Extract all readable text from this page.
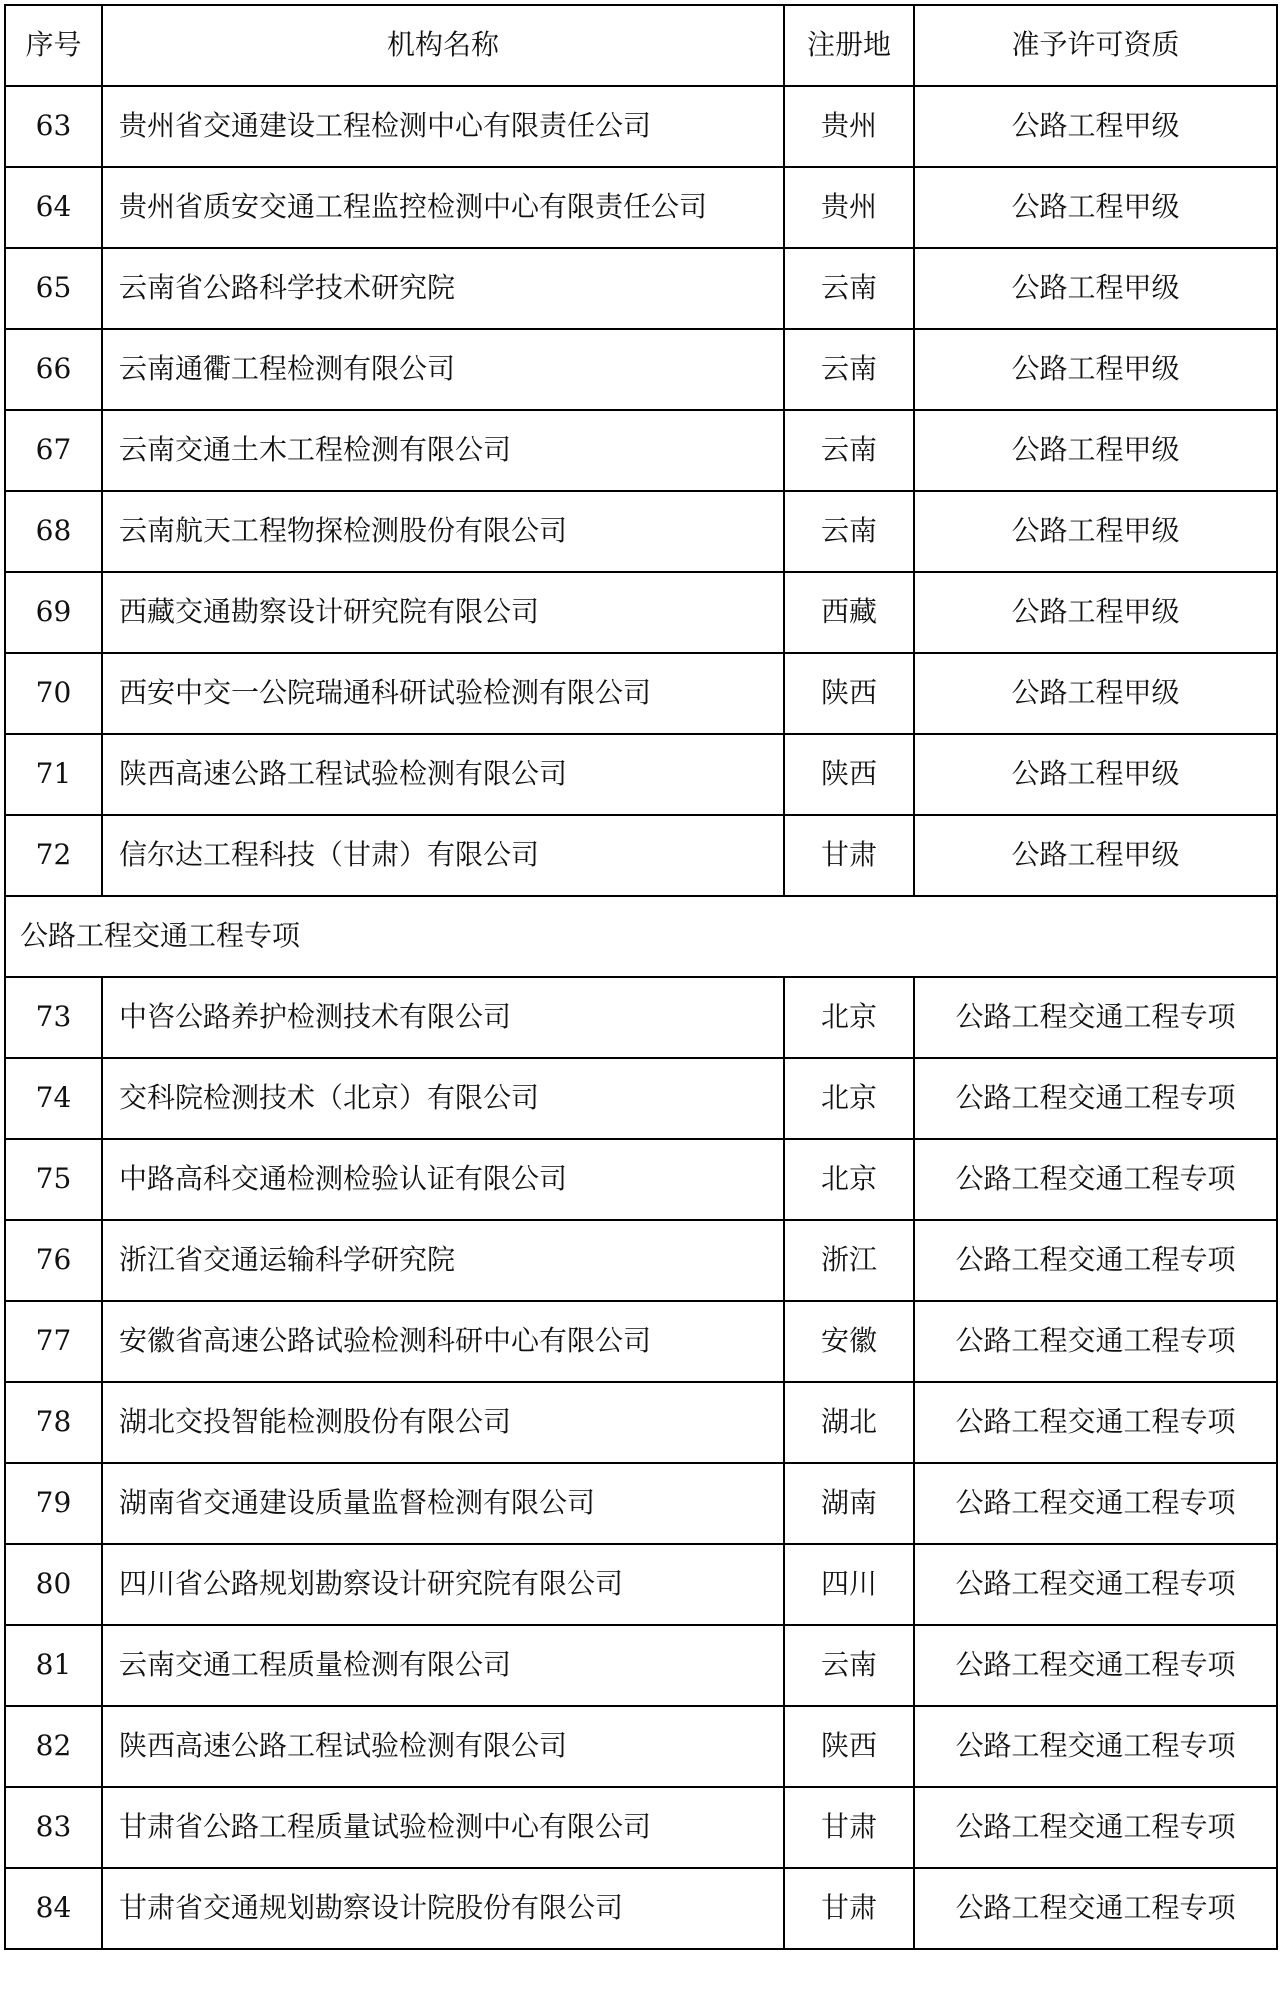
序号	机构名称	注册地	准予许可资质
63	贵州省交通建设工程检测中心有限责任公司	贵州	公路工程甲级
64	贵州省质安交通工程监控检测中心有限责任公司	贵州	公路工程甲级
65	云南省公路科学技术研究院	云南	公路工程甲级
66	云南通衢工程检测有限公司	云南	公路工程甲级
67	云南交通土木工程检测有限公司	云南	公路工程甲级
68	云南航天工程物探检测股份有限公司	云南	公路工程甲级
69	西藏交通勘察设计研究院有限公司	西藏	公路工程甲级
70	西安中交一公院瑞通科研试验检测有限公司	陕西	公路工程甲级
71	陕西高速公路工程试验检测有限公司	陕西	公路工程甲级
72	信尔达工程科技（甘肃）有限公司	甘肃	公路工程甲级
公路工程交通工程专项			
73	中咨公路养护检测技术有限公司	北京	公路工程交通工程专项
74	交科院检测技术（北京）有限公司	北京	公路工程交通工程专项
75	中路高科交通检测检验认证有限公司	北京	公路工程交通工程专项
76	浙江省交通运输科学研究院	浙江	公路工程交通工程专项
77	安徽省高速公路试验检测科研中心有限公司	安徽	公路工程交通工程专项
78	湖北交投智能检测股份有限公司	湖北	公路工程交通工程专项
79	湖南省交通建设质量监督检测有限公司	湖南	公路工程交通工程专项
80	四川省公路规划勘察设计研究院有限公司	四川	公路工程交通工程专项
81	云南交通工程质量检测有限公司	云南	公路工程交通工程专项
82	陕西高速公路工程试验检测有限公司	陕西	公路工程交通工程专项
83	甘肃省公路工程质量试验检测中心有限公司	甘肃	公路工程交通工程专项
84	甘肃省交通规划勘察设计院股份有限公司	甘肃	公路工程交通工程专项
